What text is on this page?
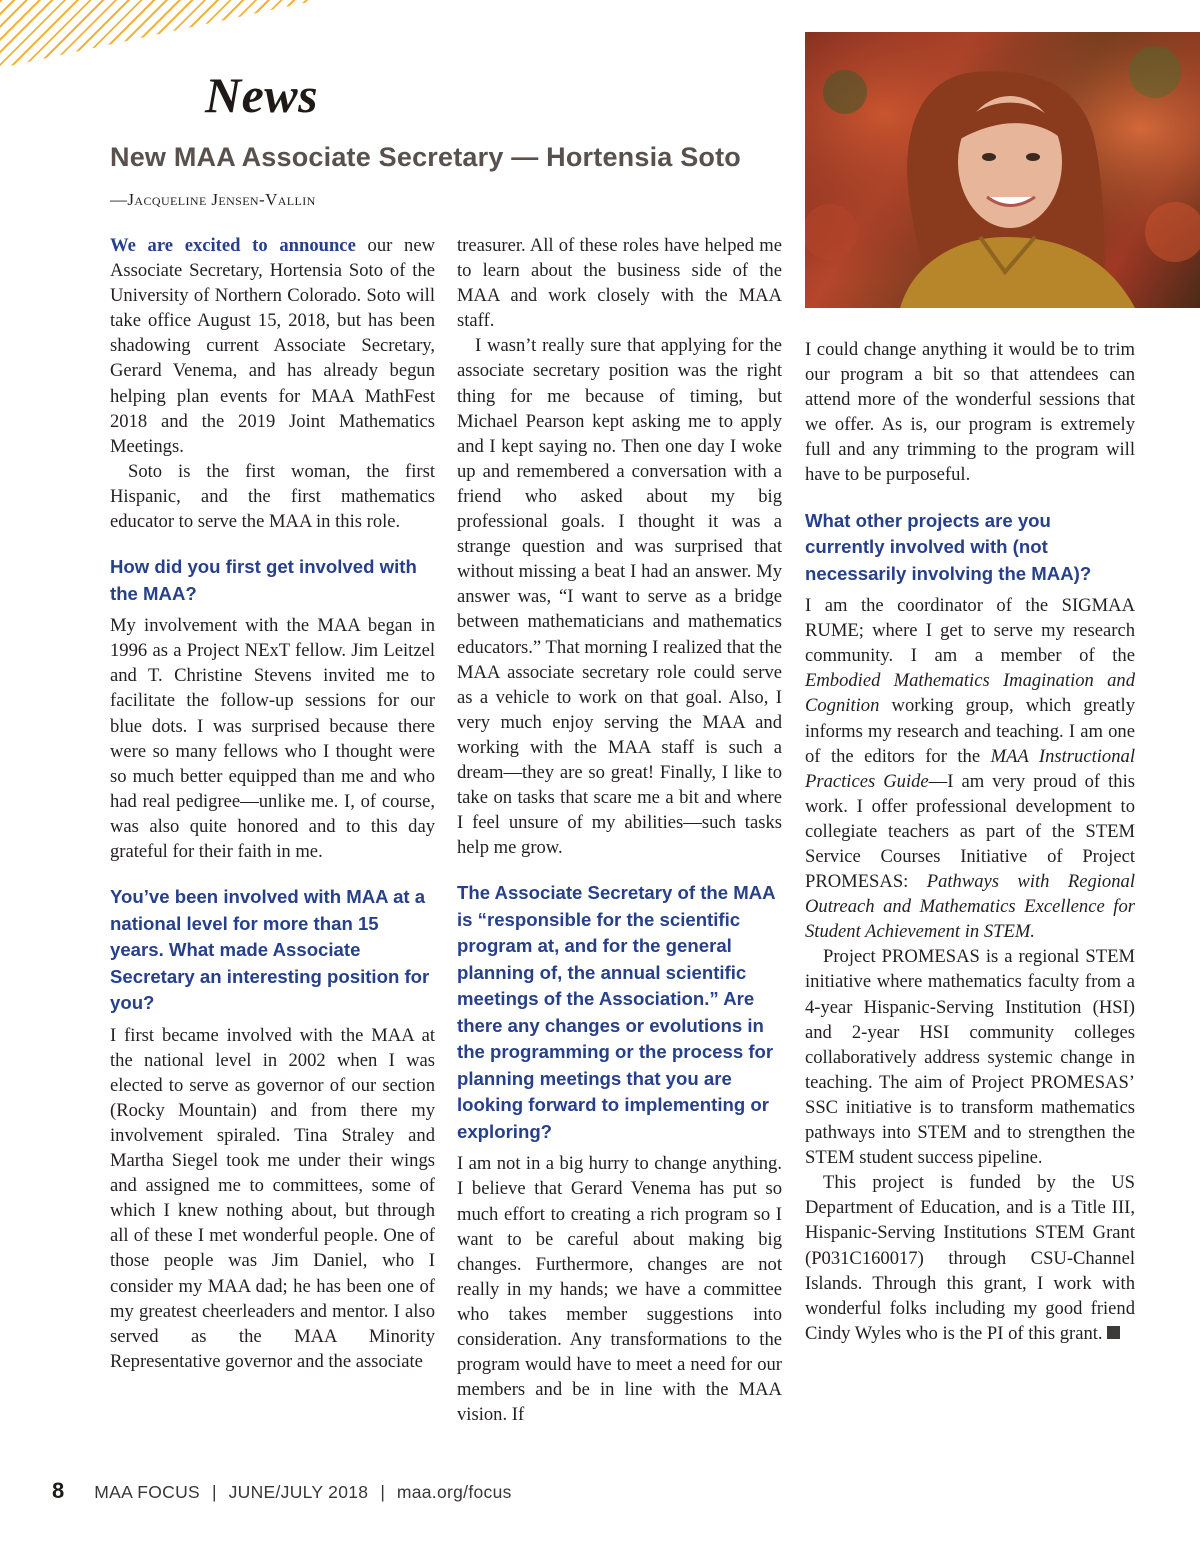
News
New MAA Associate Secretary — Hortensia Soto
—Jacqueline Jensen-Vallin

We are excited to announce our new Associate Secretary, Hortensia Soto of the University of Northern Colorado. Soto will take office August 15, 2018, but has been shadowing current Associate Secretary, Gerard Venema, and has already begun helping plan events for MAA MathFest 2018 and the 2019 Joint Mathematics Meetings.

Soto is the first woman, the first Hispanic, and the first mathematics educator to serve the MAA in this role.

How did you first get involved with the MAA?

My involvement with the MAA began in 1996 as a Project NExT fellow. Jim Leitzel and T. Christine Stevens invited me to facilitate the follow-up sessions for our blue dots. I was surprised because there were so many fellows who I thought were so much better equipped than me and who had real pedigree—unlike me. I, of course, was also quite honored and to this day grateful for their faith in me.

You’ve been involved with MAA at a national level for more than 15 years. What made Associate Secretary an interesting position for you?

I first became involved with the MAA at the national level in 2002 when I was elected to serve as governor of our section (Rocky Mountain) and from there my involvement spiraled. Tina Straley and Martha Siegel took me under their wings and assigned me to committees, some of which I knew nothing about, but through all of these I met wonderful people. One of those people was Jim Daniel, who I consider my MAA dad; he has been one of my greatest cheerleaders and mentor. I also served as the MAA Minority Representative governor and the associate

treasurer. All of these roles have helped me to learn about the business side of the MAA and work closely with the MAA staff.

I wasn’t really sure that applying for the associate secretary position was the right thing for me because of timing, but Michael Pearson kept asking me to apply and I kept saying no. Then one day I woke up and remembered a conversation with a friend who asked about my big professional goals. I thought it was a strange question and was surprised that without missing a beat I had an answer. My answer was, “I want to serve as a bridge between mathematicians and mathematics educators.” That morning I realized that the MAA associate secretary role could serve as a vehicle to work on that goal. Also, I very much enjoy serving the MAA and working with the MAA staff is such a dream—they are so great! Finally, I like to take on tasks that scare me a bit and where I feel unsure of my abilities—such tasks help me grow.

The Associate Secretary of the MAA is “responsible for the scientific program at, and for the general planning of, the annual scientific meetings of the Association.” Are there any changes or evolutions in the programming or the process for planning meetings that you are looking forward to implementing or exploring?

I am not in a big hurry to change anything. I believe that Gerard Venema has put so much effort to creating a rich program so I want to be careful about making big changes. Furthermore, changes are not really in my hands; we have a committee who takes member suggestions into consideration. Any transformations to the program would have to meet a need for our members and be in line with the MAA vision. If

I could change anything it would be to trim our program a bit so that attendees can attend more of the wonderful sessions that we offer. As is, our program is extremely full and any trimming to the program will have to be purposeful.

What other projects are you currently involved with (not necessarily involving the MAA)?

I am the coordinator of the SIGMAA RUME; where I get to serve my research community. I am a member of the Embodied Mathematics Imagination and Cognition working group, which greatly informs my research and teaching. I am one of the editors for the MAA Instructional Practices Guide—I am very proud of this work. I offer professional development to collegiate teachers as part of the STEM Service Courses Initiative of Project PROMESAS: Pathways with Regional Outreach and Mathematics Excellence for Student Achievement in STEM.

Project PROMESAS is a regional STEM initiative where mathematics faculty from a 4-year Hispanic-Serving Institution (HSI) and 2-year HSI community colleges collaboratively address systemic change in teaching. The aim of Project PROMESAS’ SSC initiative is to transform mathematics pathways into STEM and to strengthen the STEM student success pipeline.

This project is funded by the US Department of Education, and is a Title III, Hispanic-Serving Institutions STEM Grant (P031C160017) through CSU-Channel Islands. Through this grant, I work with wonderful folks including my good friend Cindy Wyles who is the PI of this grant.

8 MAA FOCUS | JUNE/JULY 2018 | maa.org/focus
